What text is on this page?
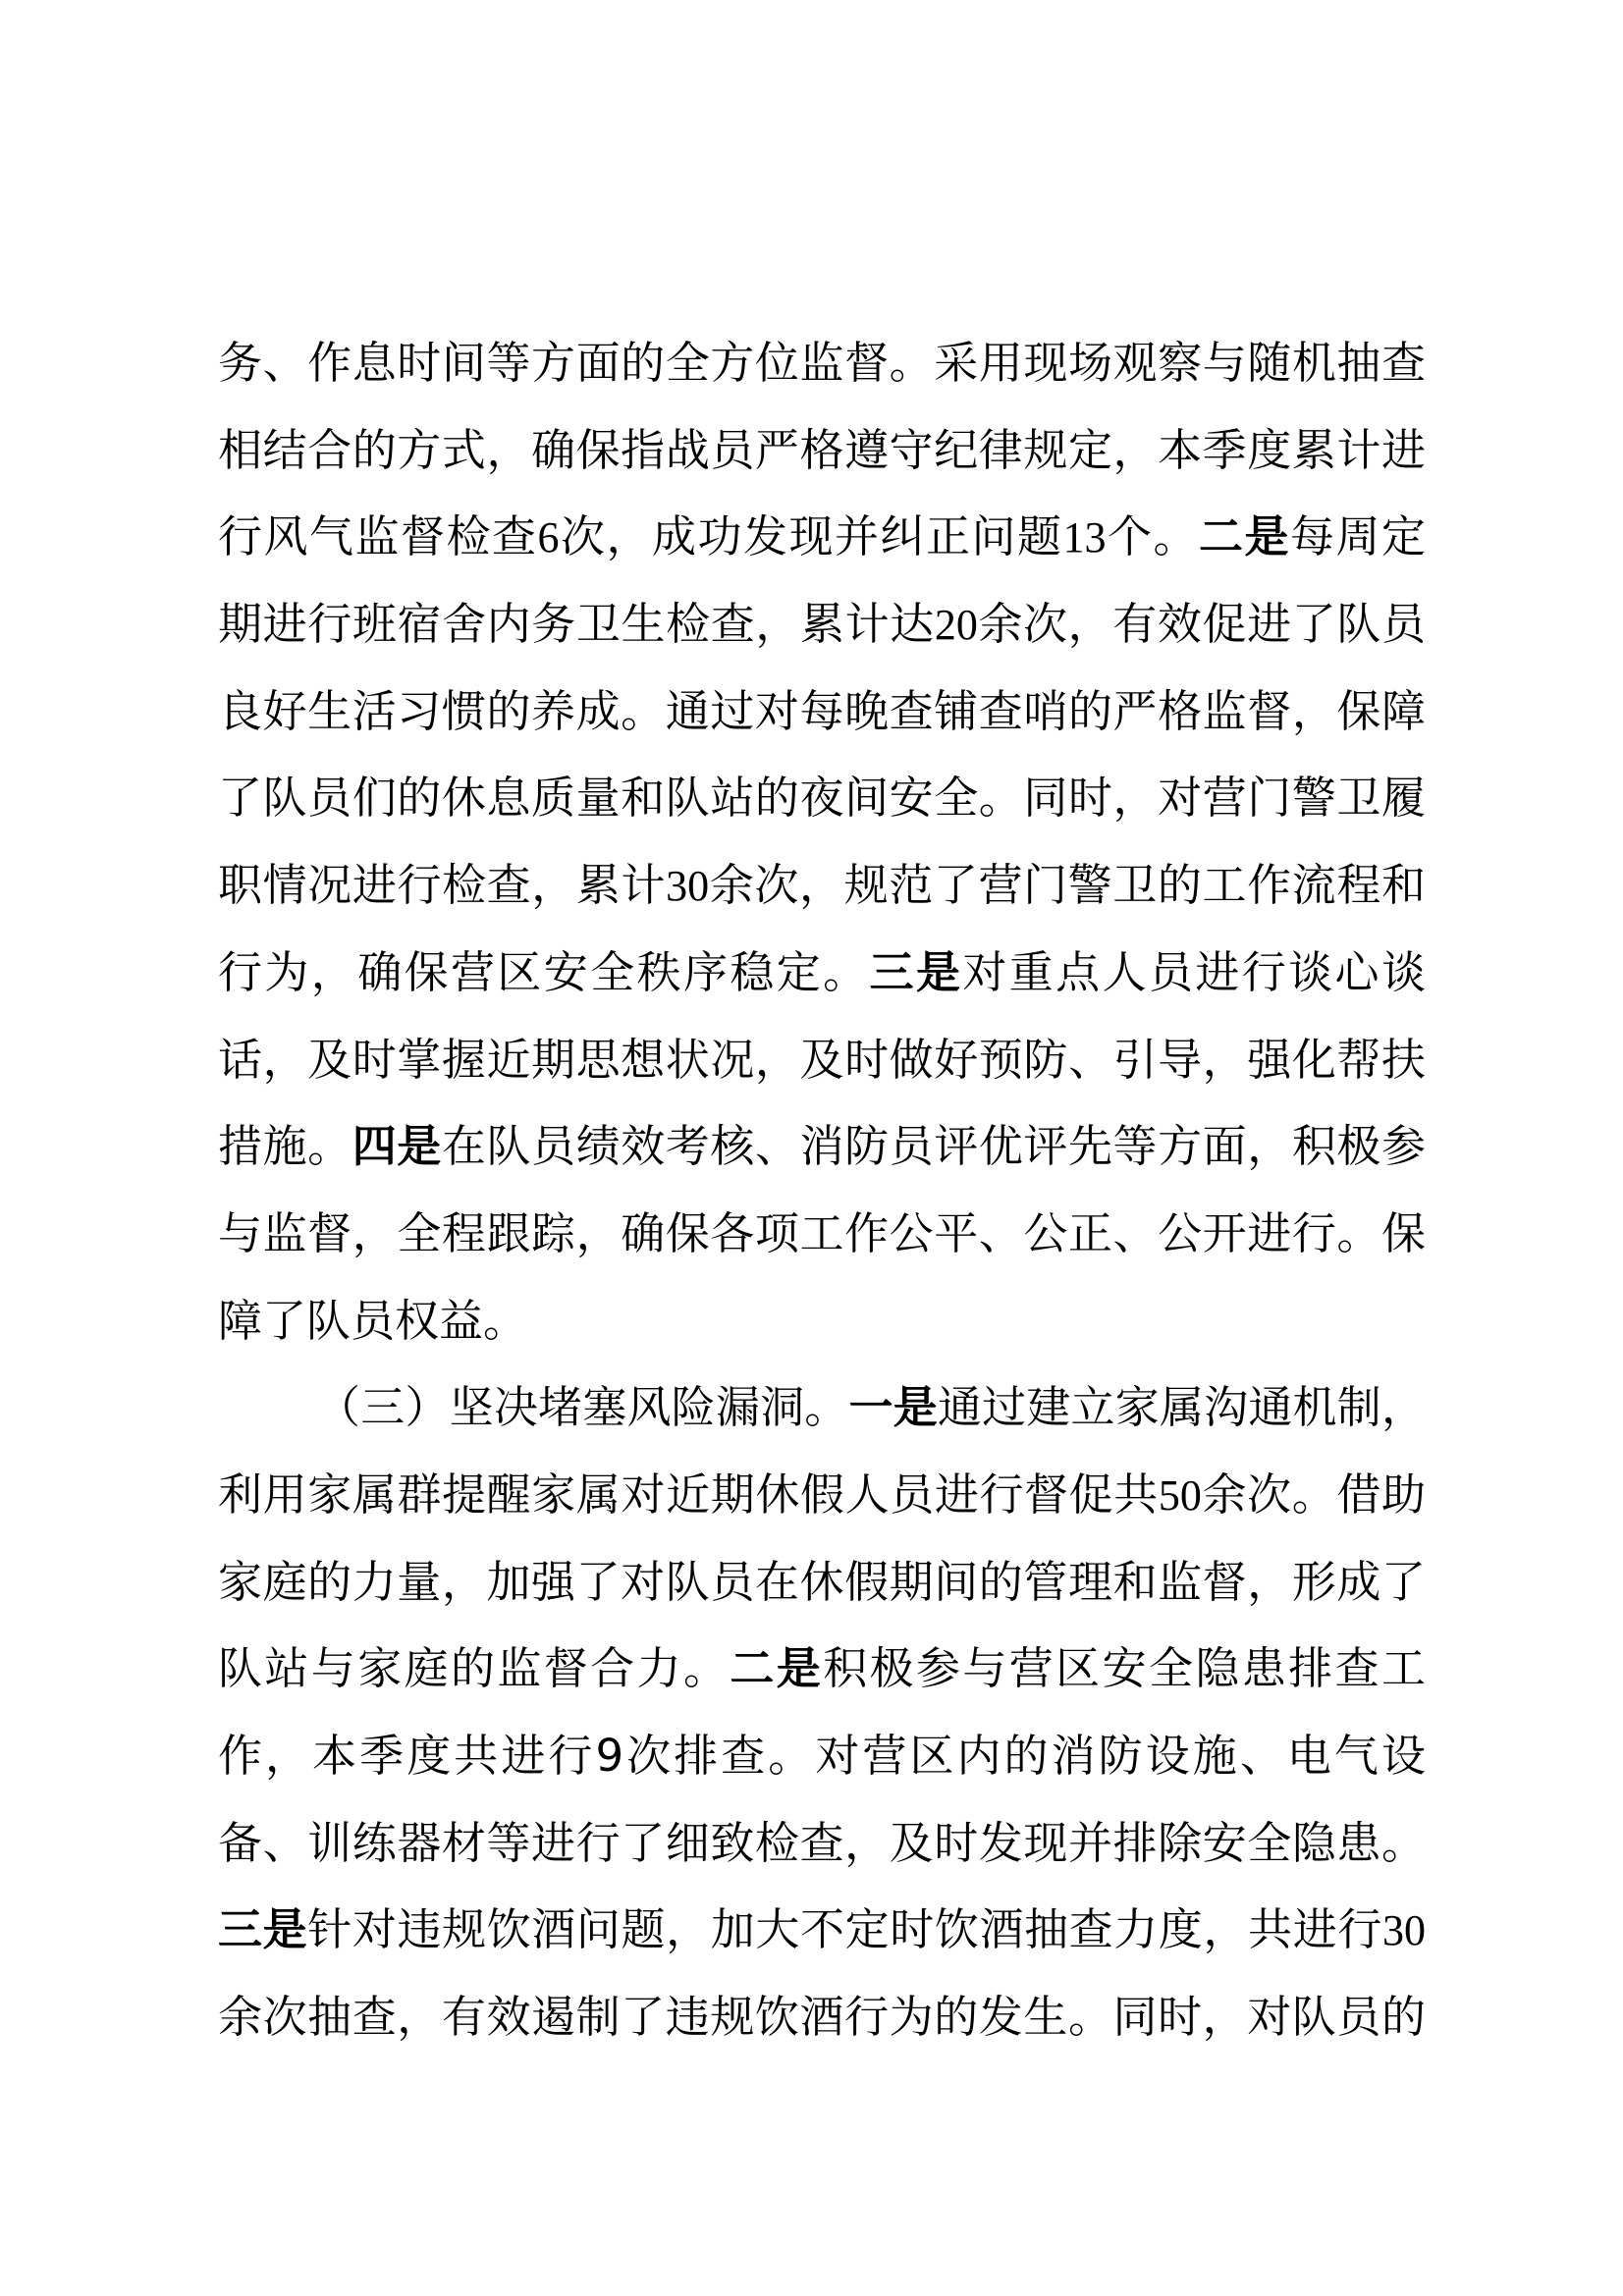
务、作息时间等方面的全方位监督。采用现场观察与随机抽查
相结合的方式，确保指战员严格遵守纪律规定，本季度累计进
行风气监督检查6次，成功发现并纠正问题13个。二是每周定
期进行班宿舍内务卫生检查，累计达20余次，有效促进了队员
良好生活习惯的养成。通过对每晚查铺查哨的严格监督，保障
了队员们的休息质量和队站的夜间安全。同时，对营门警卫履
职情况进行检查，累计30余次，规范了营门警卫的工作流程和
行为，确保营区安全秩序稳定。三是对重点人员进行谈心谈
话，及时掌握近期思想状况，及时做好预防、引导，强化帮扶
措施。四是在队员绩效考核、消防员评优评先等方面，积极参
与监督，全程跟踪，确保各项工作公平、公正、公开进行。保
障了队员权益。
（三）坚决堵塞风险漏洞。一是通过建立家属沟通机制，
利用家属群提醒家属对近期休假人员进行督促共50余次。借助
家庭的力量，加强了对队员在休假期间的管理和监督，形成了
队站与家庭的监督合力。二是积极参与营区安全隐患排查工
作，本季度共进行9次排查。对营区内的消防设施、电气设
备、训练器材等进行了细致检查，及时发现并排除安全隐患。
三是针对违规饮酒问题，加大不定时饮酒抽查力度，共进行30
余次抽查，有效遏制了违规饮酒行为的发生。同时，对队员的
